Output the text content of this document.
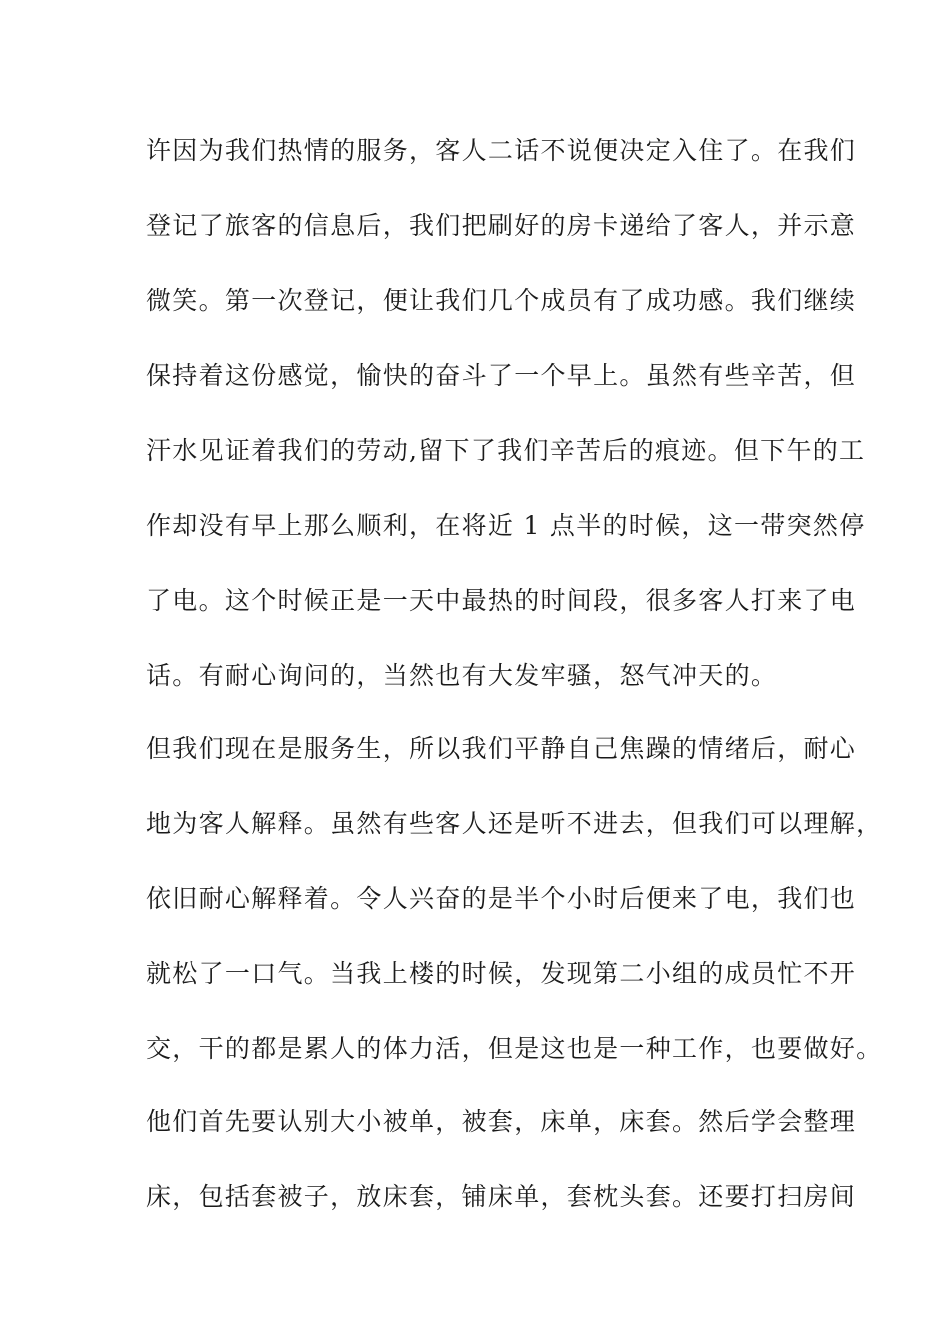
许因为我们热情的服务，客人二话不说便决定入住了。在我们
登记了旅客的信息后，我们把刷好的房卡递给了客人，并示意
微笑。第一次登记，便让我们几个成员有了成功感。我们继续
保持着这份感觉，愉快的奋斗了一个早上。虽然有些辛苦，但
汗水见证着我们的劳动,留下了我们辛苦后的痕迹。但下午的工
作却没有早上那么顺利，在将近 1 点半的时候，这一带突然停
了电。这个时候正是一天中最热的时间段，很多客人打来了电
话。有耐心询问的，当然也有大发牢骚，怒气冲天的。
但我们现在是服务生，所以我们平静自己焦躁的情绪后，耐心
地为客人解释。虽然有些客人还是听不进去，但我们可以理解，
依旧耐心解释着。令人兴奋的是半个小时后便来了电，我们也
就松了一口气。当我上楼的时候，发现第二小组的成员忙不开
交，干的都是累人的体力活，但是这也是一种工作，也要做好。
他们首先要认别大小被单，被套，床单，床套。然后学会整理
床，包括套被子，放床套，铺床单，套枕头套。还要打扫房间
